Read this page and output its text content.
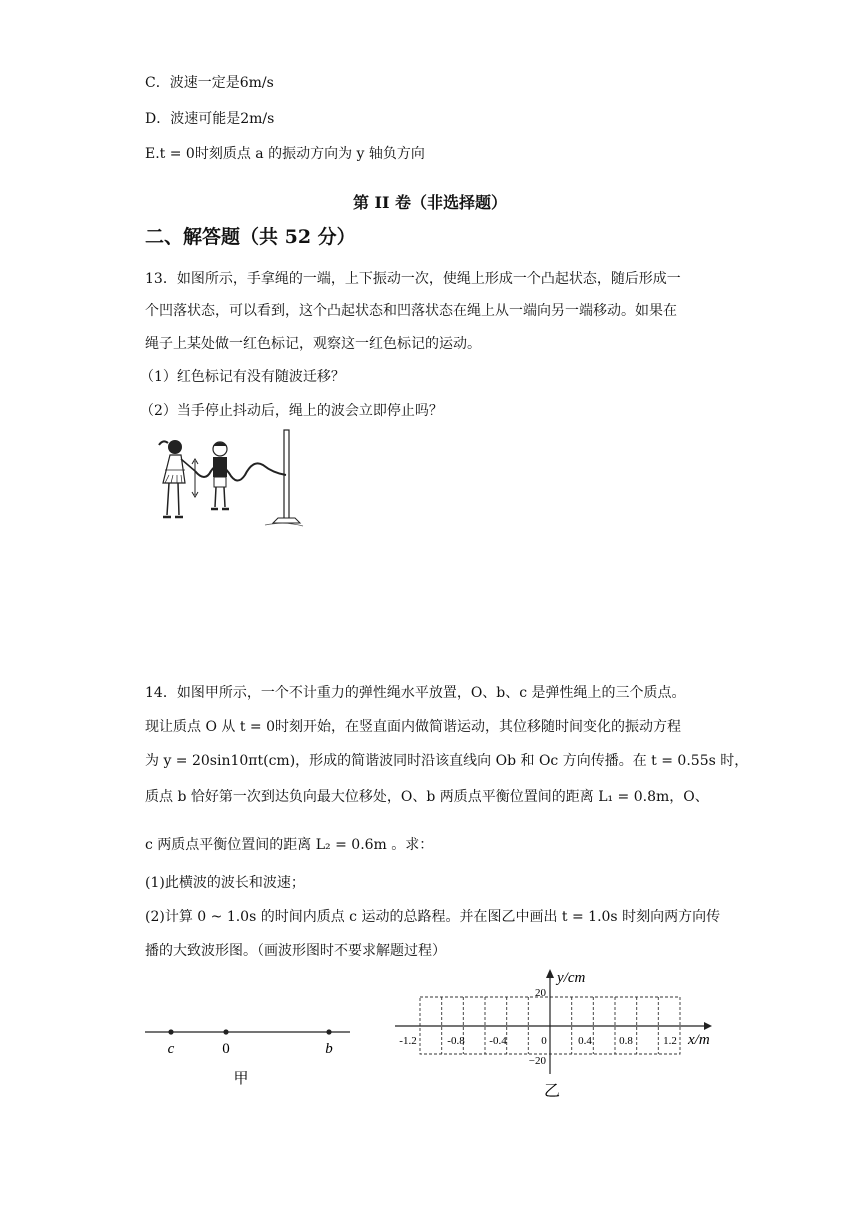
C．波速一定是6m/s
D．波速可能是2m/s
E.t = 0时刻质点 a 的振动方向为 y 轴负方向
第 II 卷（非选择题）
二、解答题（共 52 分）
13．如图所示，手拿绳的一端，上下振动一次，使绳上形成一个凸起状态，随后形成一
个凹落状态，可以看到，这个凸起状态和凹落状态在绳上从一端向另一端移动。如果在
绳子上某处做一红色标记，观察这一红色标记的运动。
（1）红色标记有没有随波迁移？
（2）当手停止抖动后，绳上的波会立即停止吗？
14．如图甲所示，一个不计重力的弹性绳水平放置，O、b、c 是弹性绳上的三个质点。
现让质点 O 从 t = 0时刻开始，在竖直面内做简谐运动，其位移随时间变化的振动方程
为 y = 20sin10πt(cm)，形成的简谐波同时沿该直线向 Ob 和 Oc 方向传播。在 t = 0.55s 时，
质点 b 恰好第一次到达负向最大位移处，O、b 两质点平衡位置间的距离 L₁ = 0.8m，O、
c 两质点平衡位置间的距离 L₂ = 0.6m 。求：
(1)此横波的波长和波速；
(2)计算 0 ~ 1.0s 的时间内质点 c 运动的总路程。并在图乙中画出 t = 1.0s 时刻向两方向传
播的大致波形图。（画波形图时不要求解题过程）
c	0	b
甲
y/cm
x/m
20
−20
-1.2	-0.8 -0.4	0	0.4 0.8	1.2
乙
